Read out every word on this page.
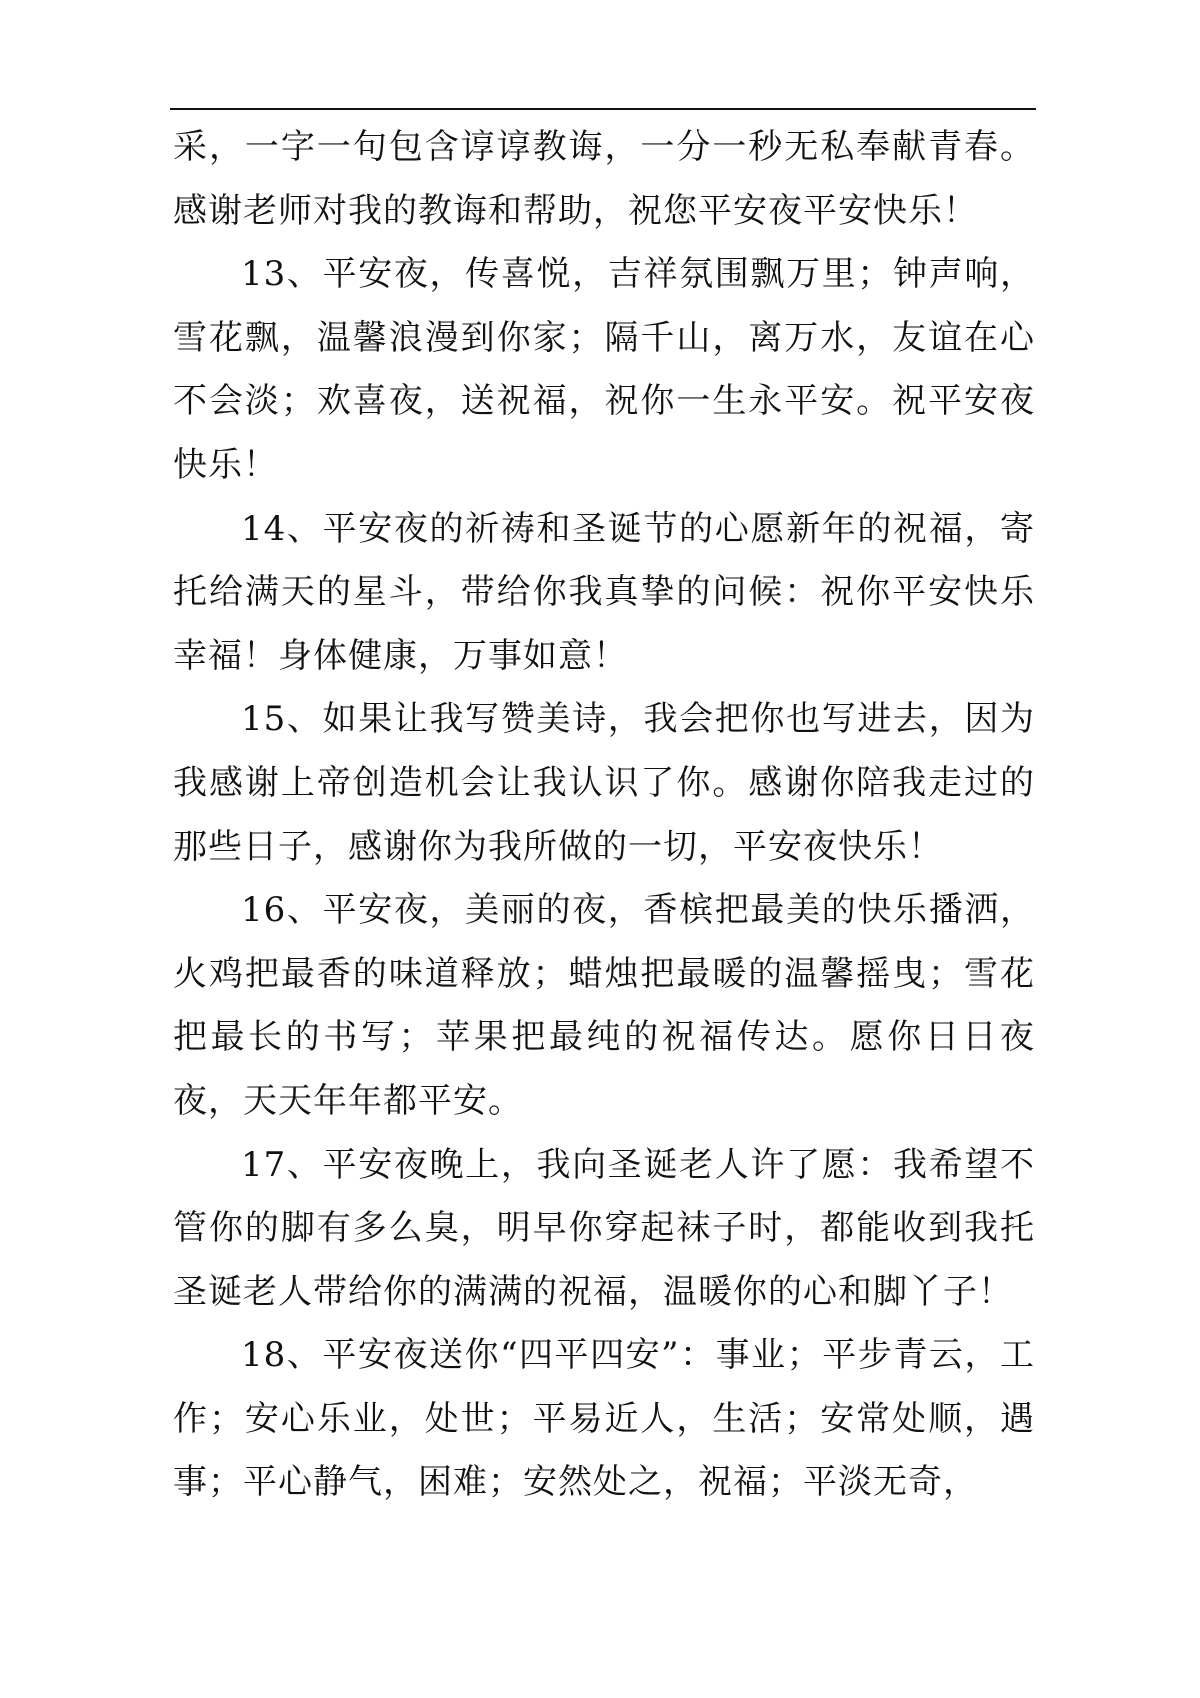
采，一字一句包含谆谆教诲，一分一秒无私奉献青春。感谢老师对我的教诲和帮助，祝您平安夜平安快乐！

13、平安夜，传喜悦，吉祥氛围飘万里；钟声响，雪花飘，温馨浪漫到你家；隔千山，离万水，友谊在心不会淡；欢喜夜，送祝福，祝你一生永平安。祝平安夜快乐！

14、平安夜的祈祷和圣诞节的心愿新年的祝福，寄托给满天的星斗，带给你我真挚的问候：祝你平安快乐幸福！身体健康，万事如意！

15、如果让我写赞美诗，我会把你也写进去，因为我感谢上帝创造机会让我认识了你。感谢你陪我走过的那些日子，感谢你为我所做的一切，平安夜快乐！

16、平安夜，美丽的夜，香槟把最美的快乐播洒，火鸡把最香的味道释放；蜡烛把最暖的温馨摇曳；雪花把最长的书写；苹果把最纯的祝福传达。愿你日日夜夜，天天年年都平安。

17、平安夜晚上，我向圣诞老人许了愿：我希望不管你的脚有多么臭，明早你穿起袜子时，都能收到我托圣诞老人带给你的满满的祝福，温暖你的心和脚丫子！

18、平安夜送你“四平四安”：事业；平步青云，工作；安心乐业，处世；平易近人，生活；安常处顺，遇事；平心静气，困难；安然处之，祝福；平淡无奇，
